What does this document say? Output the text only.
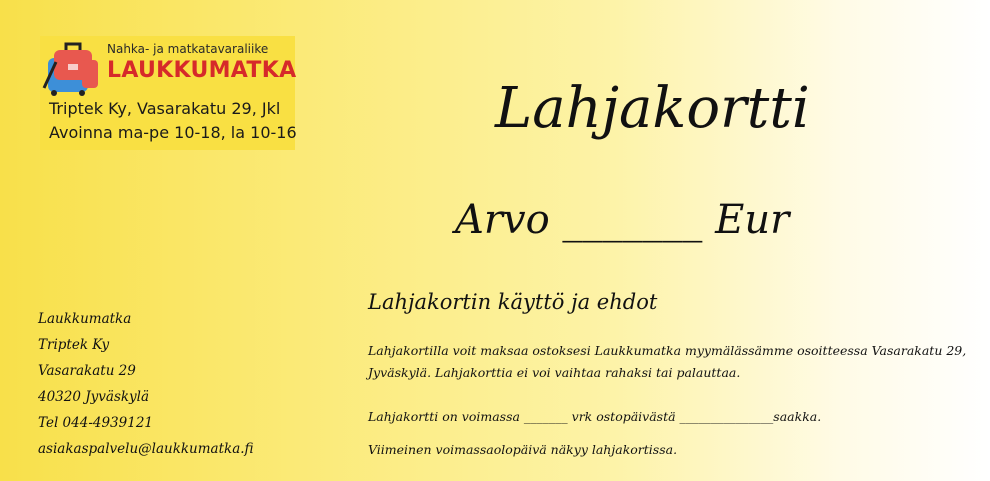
Nahka- ja matkatavaraliike
LAUKKUMATKA
Triptek Ky, Vasarakatu 29, Jkl
Avoinna ma-pe 10-18, la 10-16	Lahjakortti
Arvo _______ Eur
Lahjakortin käyttö ja ehdot
Lahjakortilla voit maksaa ostoksesi Laukkumatka myymälässämme osoitteessa Vasarakatu 29, Jyväskylä. Lahjakorttia ei voi vaihtaa rahaksi tai palauttaa.
Lahjakortti on voimassa _______ vrk ostopäivästä _______________saakka.
Viimeinen voimassaolopäivä näkyy lahjakortissa.
Laukkumatka
Triptek Ky
Vasarakatu 29
40320 Jyväskylä
Tel 044-4939121
asiakaspalvelu@laukkumatka.fi
